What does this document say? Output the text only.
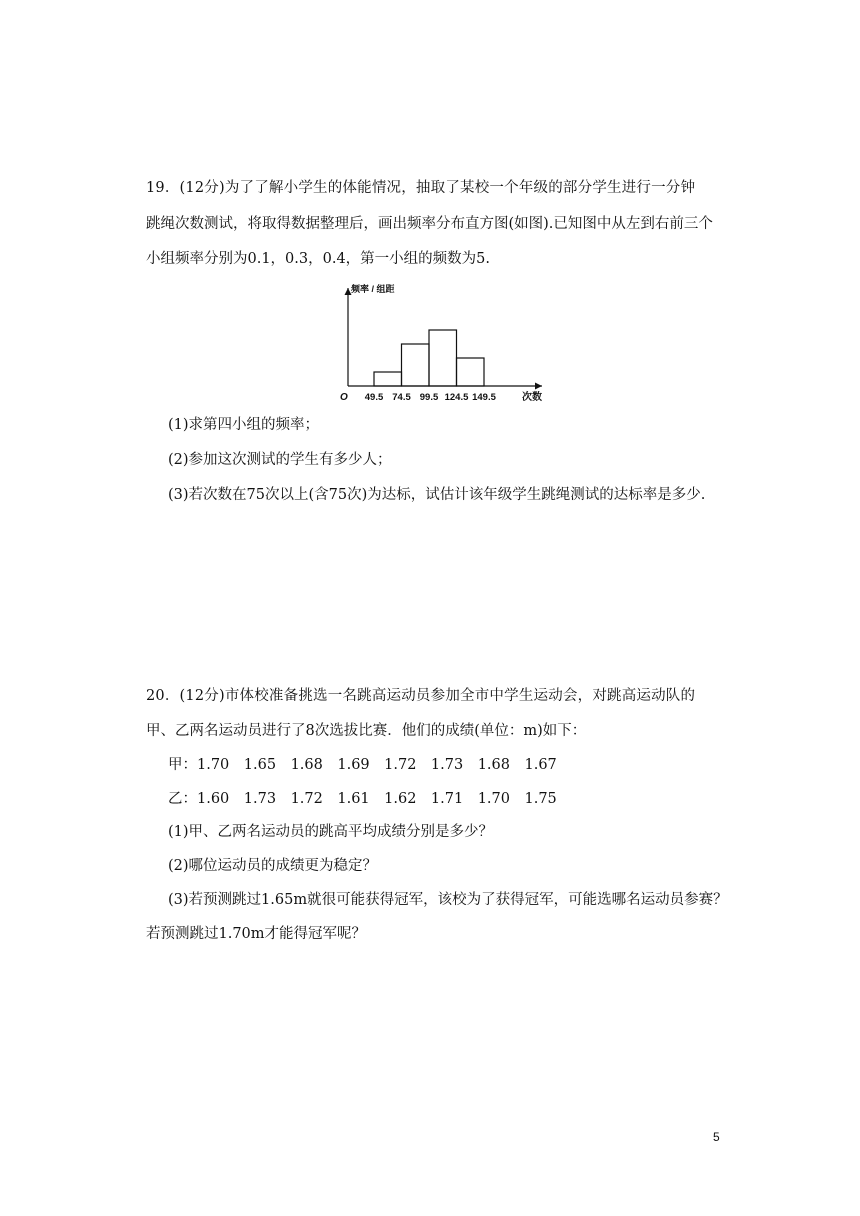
19．(12分)为了了解小学生的体能情况，抽取了某校一个年级的部分学生进行一分钟
跳绳次数测试，将取得数据整理后，画出频率分布直方图(如图).已知图中从左到右前三个
小组频率分别为0.1，0.3，0.4，第一小组的频数为5.
频率 / 组距
次数
O 49.5 74.5 99.5 124.5 149.5
(1)求第四小组的频率；
(2)参加这次测试的学生有多少人；
(3)若次数在75次以上(含75次)为达标，试估计该年级学生跳绳测试的达标率是多少.
20．(12分)市体校准备挑选一名跳高运动员参加全市中学生运动会，对跳高运动队的
甲、乙两名运动员进行了8次选拔比赛．他们的成绩(单位：m)如下：
甲：1.70　1.65　1.68　1.69　1.72　1.73　1.68　1.67
乙：1.60　1.73　1.72　1.61　1.62　1.71　1.70　1.75
(1)甲、乙两名运动员的跳高平均成绩分别是多少？
(2)哪位运动员的成绩更为稳定？
(3)若预测跳过1.65m就很可能获得冠军，该校为了获得冠军，可能选哪名运动员参赛？
若预测跳过1.70m才能得冠军呢？
5
